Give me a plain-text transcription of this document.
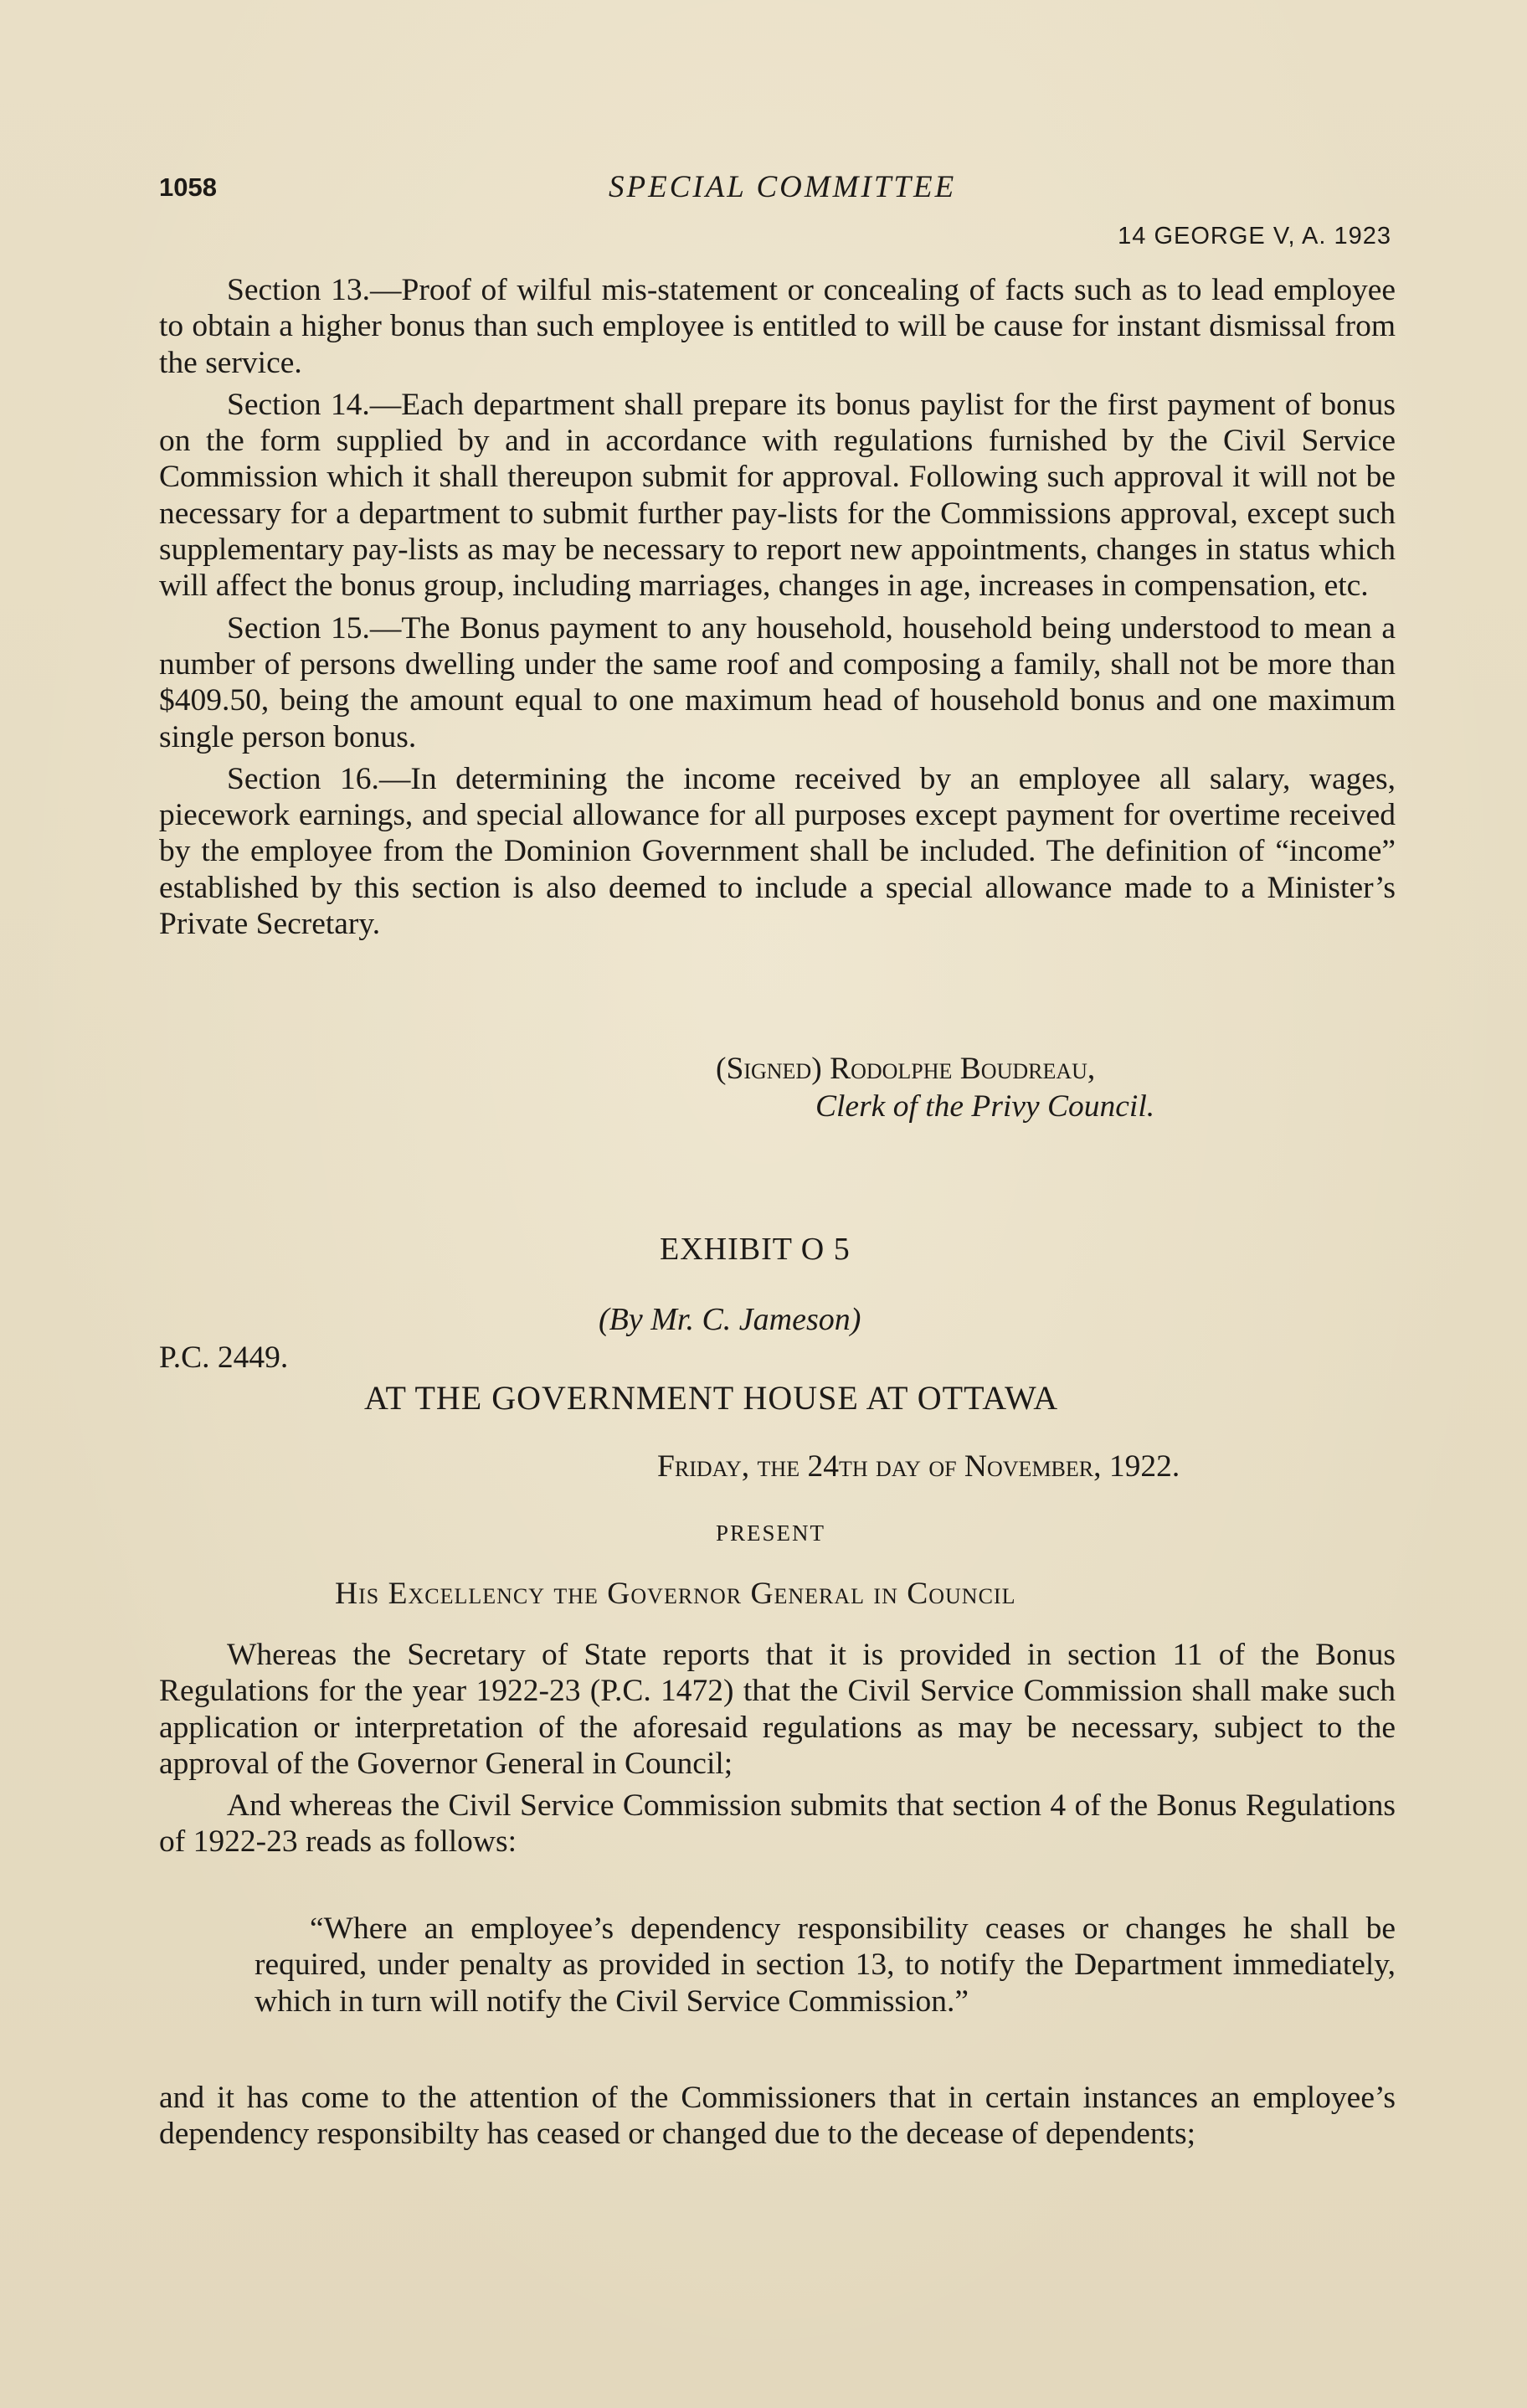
1058	SPECIAL COMMITTEE
14 GEORGE V, A. 1923

Section 13.—Proof of wilful mis-statement or concealing of facts such as to lead employee to obtain a higher bonus than such employee is entitled to will be cause for instant dismissal from the service.

Section 14.—Each department shall prepare its bonus paylist for the first payment of bonus on the form supplied by and in accordance with regulations furnished by the Civil Service Commission which it shall thereupon submit for approval. Following such approval it will not be necessary for a department to submit further pay-lists for the Commissions approval, except such supplementary pay-lists as may be necessary to report new appointments, changes in status which will affect the bonus group, including marriages, changes in age, increases in compensation, etc.

Section 15.—The Bonus payment to any household, household being understood to mean a number of persons dwelling under the same roof and composing a family, shall not be more than $409.50, being the amount equal to one maximum head of household bonus and one maximum single person bonus.

Section 16.—In determining the income received by an employee all salary, wages, piecework earnings, and special allowance for all purposes except payment for overtime received by the employee from the Dominion Government shall be included. The definition of “income” established by this section is also deemed to include a special allowance made to a Minister’s Private Secretary.

(Signed) Rodolphe Boudreau,
Clerk of the Privy Council.
EXHIBIT O 5
(By Mr. C. Jameson)
P.C. 2449.
AT THE GOVERNMENT HOUSE AT OTTAWA
Friday, the 24th day of November, 1922.
PRESENT
His Excellency the Governor General in Council

Whereas the Secretary of State reports that it is provided in section 11 of the Bonus Regulations for the year 1922-23 (P.C. 1472) that the Civil Service Commission shall make such application or interpretation of the aforesaid regulations as may be necessary, subject to the approval of the Governor General in Council;

And whereas the Civil Service Commission submits that section 4 of the Bonus Regulations of 1922-23 reads as follows:

“Where an employee’s dependency responsibility ceases or changes he shall be required, under penalty as provided in section 13, to notify the Department immediately, which in turn will notify the Civil Service Commission.”

and it has come to the attention of the Commissioners that in certain instances an employee’s dependency responsibilty has ceased or changed due to the decease of dependents;
